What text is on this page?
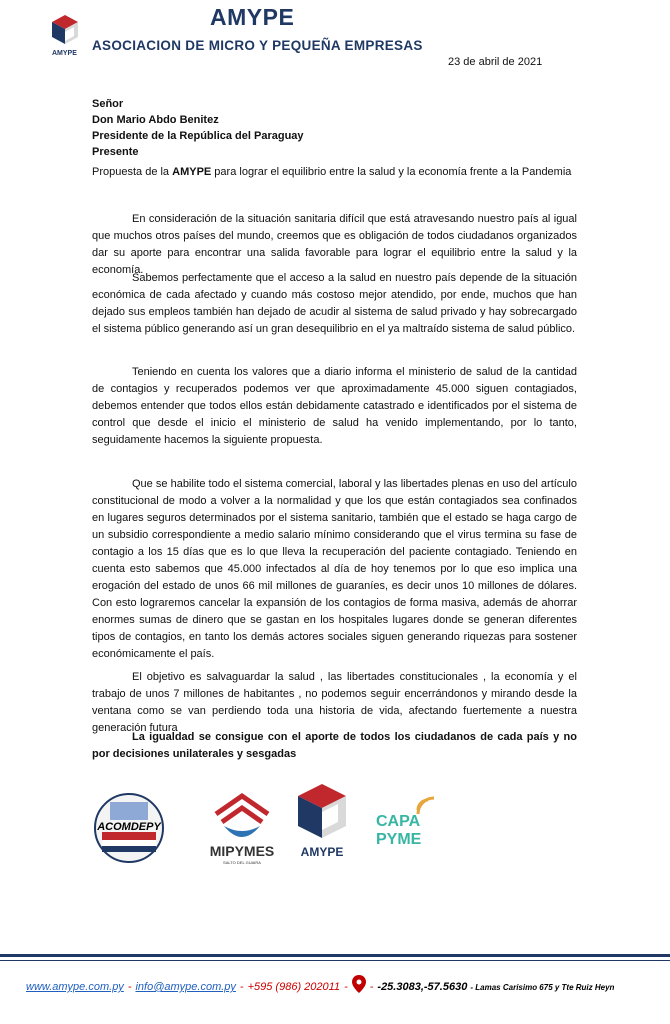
AMYPE
AMYPE
ASOCIACION DE MICRO Y PEQUEÑA EMPRESAS
23 de abril de 2021
Señor
Don Mario Abdo Benitez
Presidente de la República del Paraguay
Presente
Propuesta de la AMYPE para lograr el equilibrio entre la salud y la economía frente a la Pandemia

En consideración de la situación sanitaria difícil que está atravesando nuestro país al igual que muchos otros países del mundo, creemos que es obligación de todos ciudadanos organizados dar su aporte para encontrar una salida favorable para lograr el equilibrio entre la salud y la economía.

Sabemos perfectamente que el acceso a la salud en nuestro país depende de la situación económica de cada afectado y cuando más costoso mejor atendido, por ende, muchos que han dejado sus empleos también han dejado de acudir al sistema de salud privado y hay sobrecargado el sistema público generando así un gran desequilibrio en el ya maltraído sistema de salud público.

Teniendo en cuenta los valores que a diario informa el ministerio de salud de la cantidad de contagios y recuperados podemos ver que aproximadamente 45.000 siguen contagiados, debemos entender que todos ellos están debidamente catastrado e identificados por el sistema de control que desde el inicio el ministerio de salud ha venido implementando, por lo tanto, seguidamente hacemos la siguiente propuesta.

Que se habilite todo el sistema comercial, laboral y las libertades plenas en uso del artículo constitucional de modo a volver a la normalidad y que los que están contagiados sea confinados en lugares seguros determinados por el sistema sanitario, también que el estado se haga cargo de un subsidio correspondiente a medio salario mínimo considerando que el virus termina su fase de contagio a los 15 días que es lo que lleva la recuperación del paciente contagiado. Teniendo en cuenta esto sabemos que 45.000 infectados al día de hoy tenemos por lo que eso implica una erogación del estado de unos 66 mil millones de guaraníes, es decir unos 10 millones de dólares. Con esto lograremos cancelar la expansión de los contagios de forma masiva, además de ahorrar enormes sumas de dinero que se gastan en los hospitales lugares donde se generan diferentes tipos de contagios, en tanto los demás actores sociales siguen generando riquezas para sostener económicamente el país.

El objetivo es salvaguardar la salud , las libertades constitucionales , la economía y el trabajo de unos 7 millones de habitantes , no podemos seguir encerrándonos y mirando desde la ventana como se van perdiendo toda una historia de vida, afectando fuertemente a nuestra generación futura

La igualdad se consigue con el aporte de todos los ciudadanos de cada país y no por decisiones unilaterales y sesgadas

ACOMDEPY
MIPYMES
SALTO DEL GUAIRA
AMYPE
CAPA
PYME
www.amype.com.py - info@amype.com.py - +595 (986) 202011 - - -25.3083,-57.5630 - Lamas Carisimo 675 y Tte Ruiz Heyn
